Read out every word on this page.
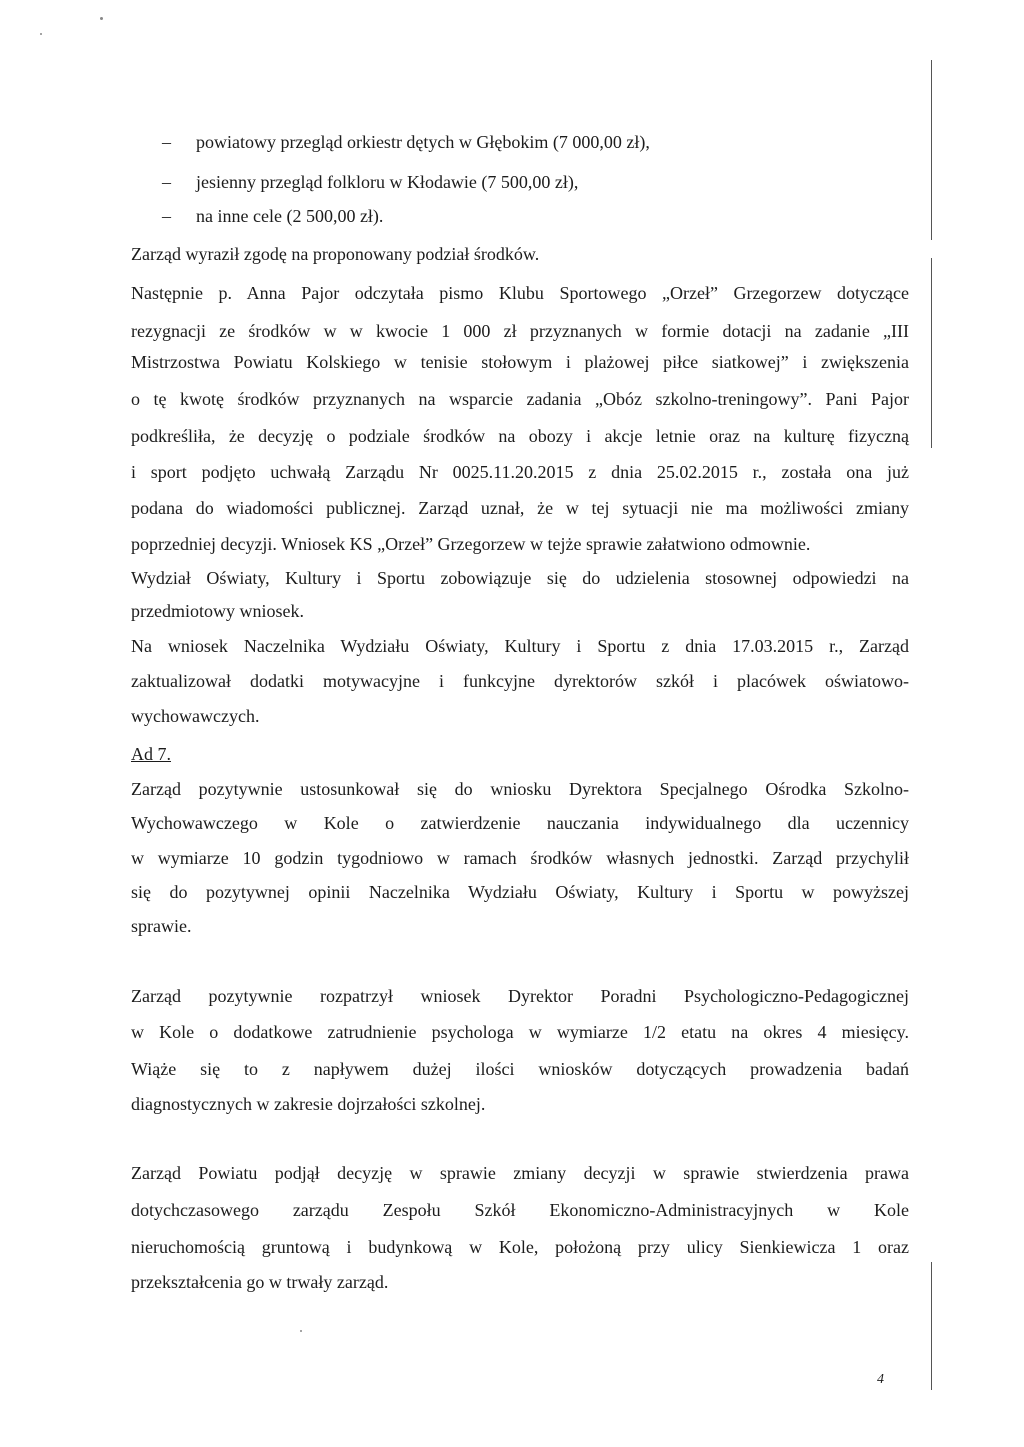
– powiatowy przegląd orkiestr dętych w Głębokim (7 000,00 zł),
– jesienny przegląd folkloru w Kłodawie (7 500,00 zł),
– na inne cele (2 500,00 zł).

Zarząd wyraził zgodę na proponowany podział środków.

Następnie p. Anna Pajor odczytała pismo Klubu Sportowego „Orzeł” Grzegorzew dotyczące

rezygnacji ze środków w w kwocie 1 000 zł przyznanych w formie dotacji na zadanie „III

Mistrzostwa Powiatu Kolskiego w tenisie stołowym i plażowej piłce siatkowej” i zwiększenia

o tę kwotę środków przyznanych na wsparcie zadania „Obóz szkolno-treningowy”. Pani Pajor

podkreśliła, że decyzję o podziale środków na obozy i akcje letnie oraz na kulturę fizyczną

i sport podjęto uchwałą Zarządu Nr 0025.11.20.2015 z dnia 25.02.2015 r., została ona już

podana do wiadomości publicznej. Zarząd uznał, że w tej sytuacji nie ma możliwości zmiany

poprzedniej decyzji. Wniosek KS „Orzeł” Grzegorzew w tejże sprawie załatwiono odmownie.

Wydział Oświaty, Kultury i Sportu zobowiązuje się do udzielenia stosownej odpowiedzi na

przedmiotowy wniosek.

Na wniosek Naczelnika Wydziału Oświaty, Kultury i Sportu z dnia 17.03.2015 r., Zarząd

zaktualizował dodatki motywacyjne i funkcyjne dyrektorów szkół i placówek oświatowo-

wychowawczych.

Ad 7.

Zarząd pozytywnie ustosunkował się do wniosku Dyrektora Specjalnego Ośrodka Szkolno-

Wychowawczego w Kole o zatwierdzenie nauczania indywidualnego dla uczennicy

w wymiarze 10 godzin tygodniowo w ramach środków własnych jednostki. Zarząd przychylił

się do pozytywnej opinii Naczelnika Wydziału Oświaty, Kultury i Sportu w powyższej

sprawie.

Zarząd pozytywnie rozpatrzył wniosek Dyrektor Poradni Psychologiczno-Pedagogicznej

w Kole o dodatkowe zatrudnienie psychologa w wymiarze 1/2 etatu na okres 4 miesięcy.

Wiąże się to z napływem dużej ilości wniosków dotyczących prowadzenia badań

diagnostycznych w zakresie dojrzałości szkolnej.

Zarząd Powiatu podjął decyzję w sprawie zmiany decyzji w sprawie stwierdzenia prawa

dotychczasowego zarządu Zespołu Szkół Ekonomiczno-Administracyjnych w Kole

nieruchomością gruntową i budynkową w Kole, położoną przy ulicy Sienkiewicza 1 oraz

przekształcenia go w trwały zarząd.

4
